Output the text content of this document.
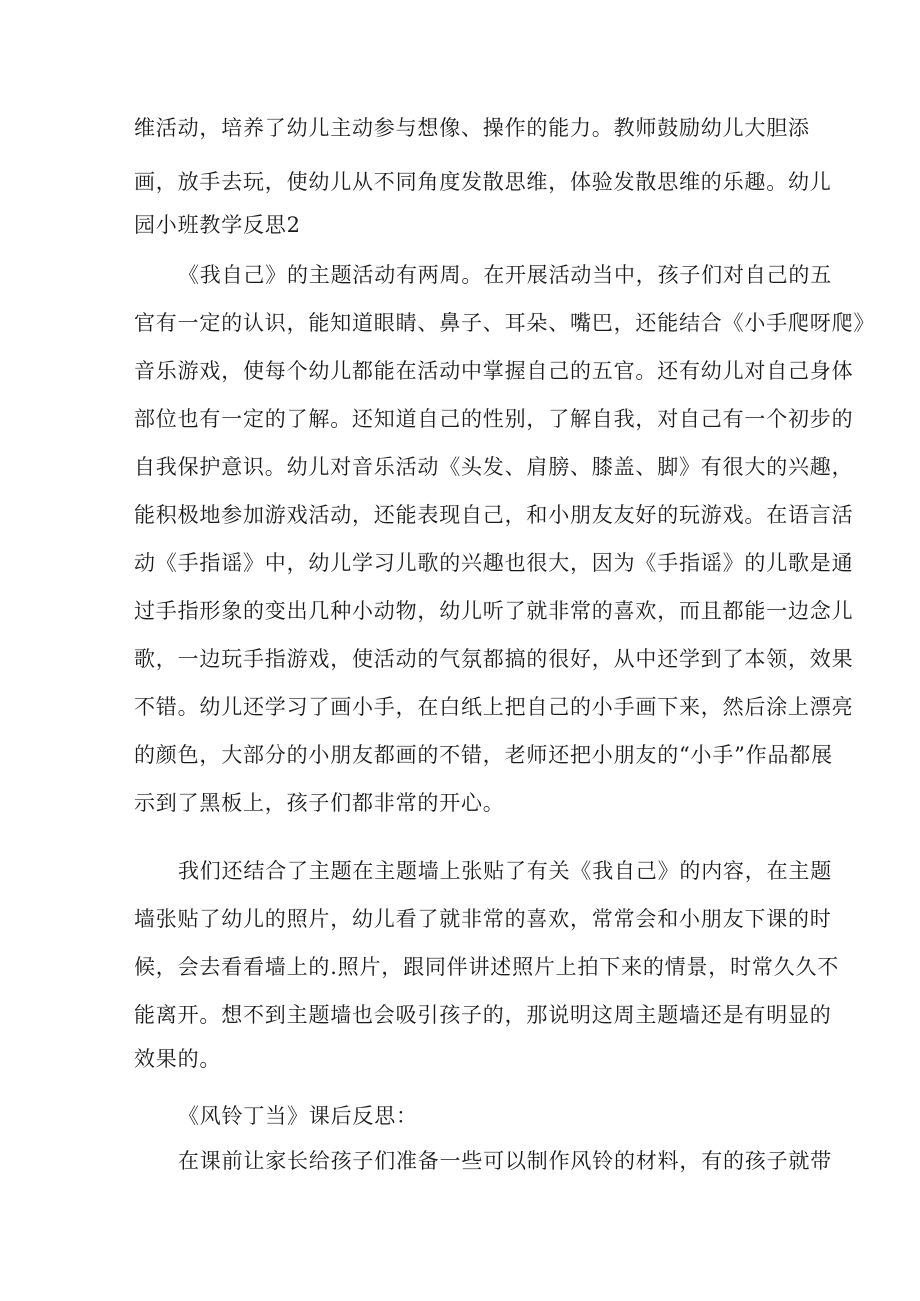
维活动，培养了幼儿主动参与想像、操作的能力。教师鼓励幼儿大胆添
画，放手去玩，使幼儿从不同角度发散思维，体验发散思维的乐趣。幼儿
园小班教学反思2
《我自己》的主题活动有两周。在开展活动当中，孩子们对自己的五
官有一定的认识，能知道眼睛、鼻子、耳朵、嘴巴，还能结合《小手爬呀爬》
音乐游戏，使每个幼儿都能在活动中掌握自己的五官。还有幼儿对自己身体
部位也有一定的了解。还知道自己的性别，了解自我，对自己有一个初步的
自我保护意识。幼儿对音乐活动《头发、肩膀、膝盖、脚》有很大的兴趣，
能积极地参加游戏活动，还能表现自己，和小朋友友好的玩游戏。在语言活
动《手指谣》中，幼儿学习儿歌的兴趣也很大，因为《手指谣》的儿歌是通
过手指形象的变出几种小动物，幼儿听了就非常的喜欢，而且都能一边念儿
歌，一边玩手指游戏，使活动的气氛都搞的很好，从中还学到了本领，效果
不错。幼儿还学习了画小手，在白纸上把自己的小手画下来，然后涂上漂亮
的颜色，大部分的小朋友都画的不错，老师还把小朋友的“小手”作品都展
示到了黑板上，孩子们都非常的开心。
我们还结合了主题在主题墙上张贴了有关《我自己》的内容，在主题
墙张贴了幼儿的照片，幼儿看了就非常的喜欢，常常会和小朋友下课的时
候，会去看看墙上的.照片，跟同伴讲述照片上拍下来的情景，时常久久不
能离开。想不到主题墙也会吸引孩子的，那说明这周主题墙还是有明显的
效果的。
《风铃丁当》课后反思：
在课前让家长给孩子们准备一些可以制作风铃的材料，有的孩子就带
